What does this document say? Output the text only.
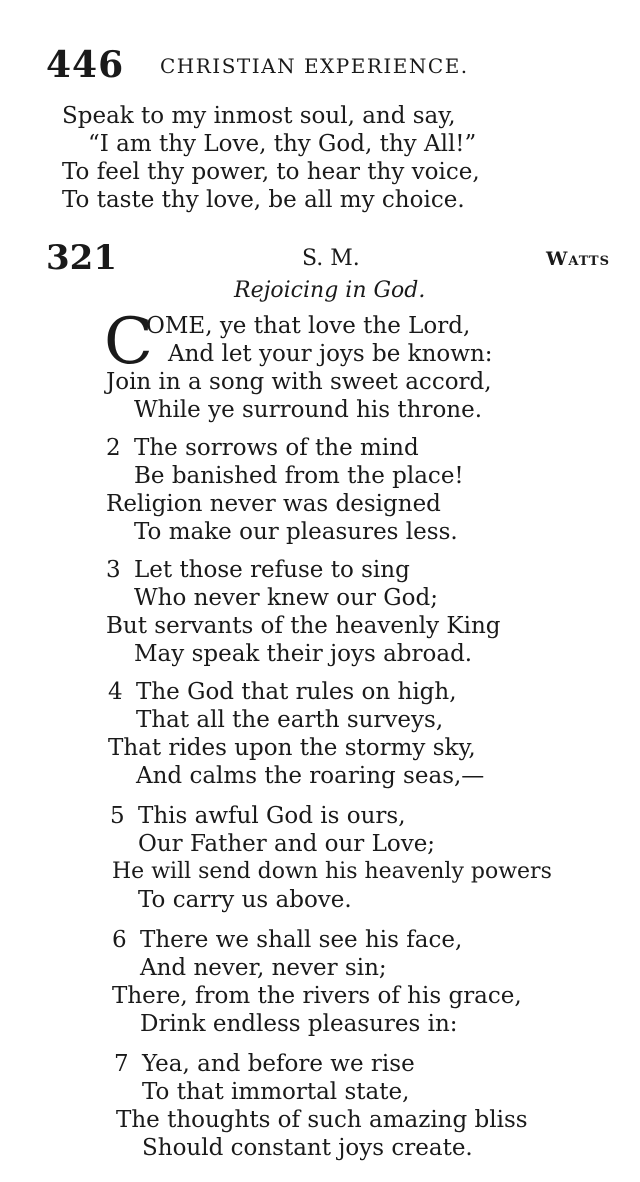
446 CHRISTIAN EXPERIENCE.
Speak to my inmost soul, and say,
“I am thy Love, thy God, thy All!”
To feel thy power, to hear thy voice,
To taste thy love, be all my choice.
321	S. M.	Watts
Rejoicing in God.
C
OME, ye that love the Lord,
And let your joys be known:
Join in a song with sweet accord,
While ye surround his throne.
2 The sorrows of the mind
Be banished from the place!
Religion never was designed
To make our pleasures less.
3 Let those refuse to sing
Who never knew our God;
But servants of the heavenly King
May speak their joys abroad.
4 The God that rules on high,
That all the earth surveys,
That rides upon the stormy sky,
And calms the roaring seas,—
5 This awful God is ours,
Our Father and our Love;
He will send down his heavenly powers
To carry us above.
6 There we shall see his face,
And never, never sin;
There, from the rivers of his grace,
Drink endless pleasures in:
7 Yea, and before we rise
To that immortal state,
The thoughts of such amazing bliss
Should constant joys create.
